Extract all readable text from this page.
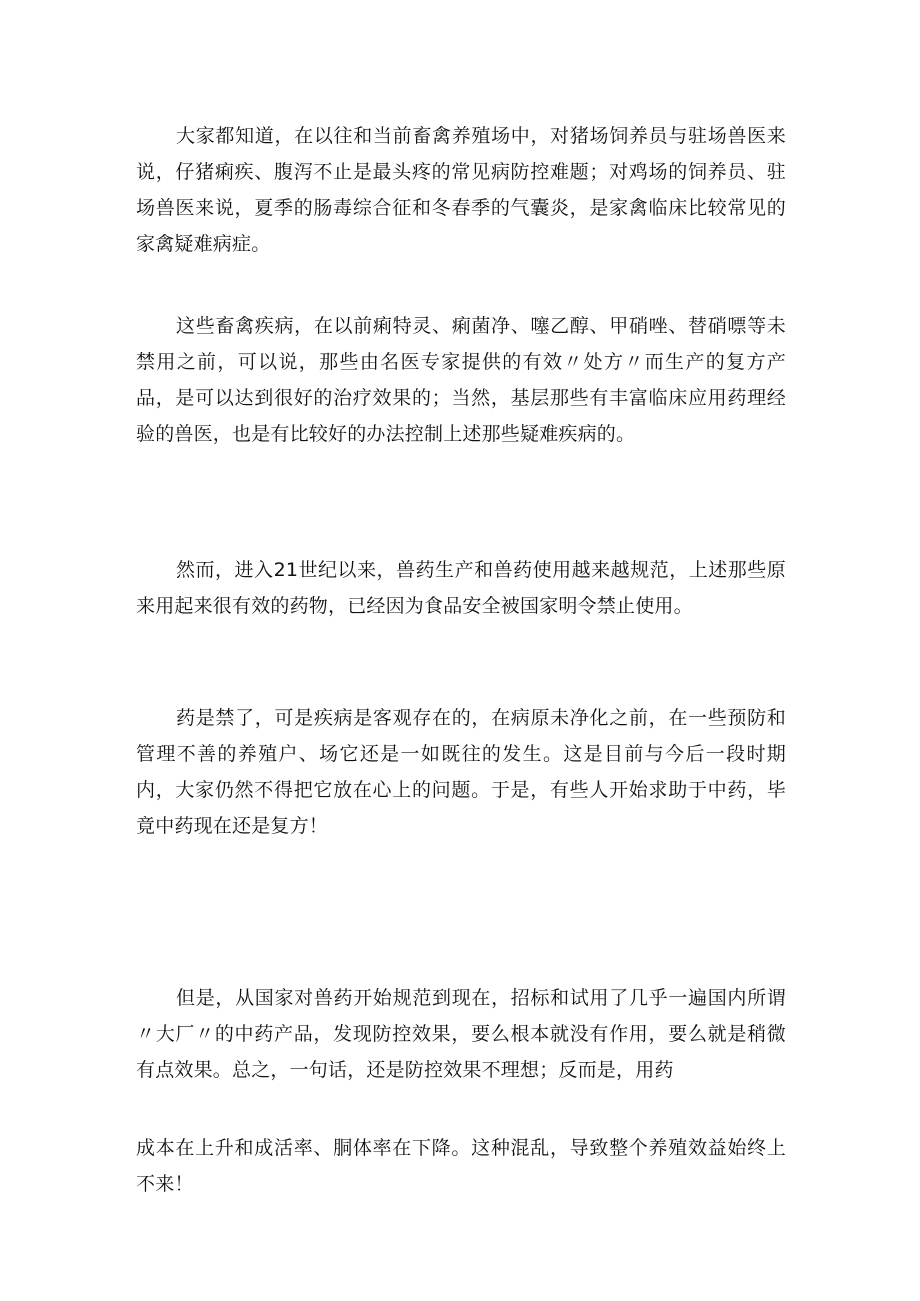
大家都知道，在以往和当前畜禽养殖场中，对猪场饲养员与驻场兽医来说，仔猪痢疾、腹泻不止是最头疼的常见病防控难题；对鸡场的饲养员、驻场兽医来说，夏季的肠毒综合征和冬春季的气囊炎，是家禽临床比较常见的家禽疑难病症。

这些畜禽疾病，在以前痢特灵、痢菌净、噻乙醇、甲硝唑、替硝嘌等未禁用之前，可以说，那些由名医专家提供的有效〃处方〃而生产的复方产品，是可以达到很好的治疗效果的；当然，基层那些有丰富临床应用药理经验的兽医，也是有比较好的办法控制上述那些疑难疾病的。

然而，进入21世纪以来，兽药生产和兽药使用越来越规范，上述那些原来用起来很有效的药物，已经因为食品安全被国家明令禁止使用。

药是禁了，可是疾病是客观存在的，在病原未净化之前，在一些预防和管理不善的养殖户、场它还是一如既往的发生。这是目前与今后一段时期内，大家仍然不得把它放在心上的问题。于是，有些人开始求助于中药，毕竟中药现在还是复方！

但是，从国家对兽药开始规范到现在，招标和试用了几乎一遍国内所谓〃大厂〃的中药产品，发现防控效果，要么根本就没有作用，要么就是稍微有点效果。总之，一句话，还是防控效果不理想；反而是，用药

成本在上升和成活率、胴体率在下降。这种混乱，导致整个养殖效益始终上不来！
